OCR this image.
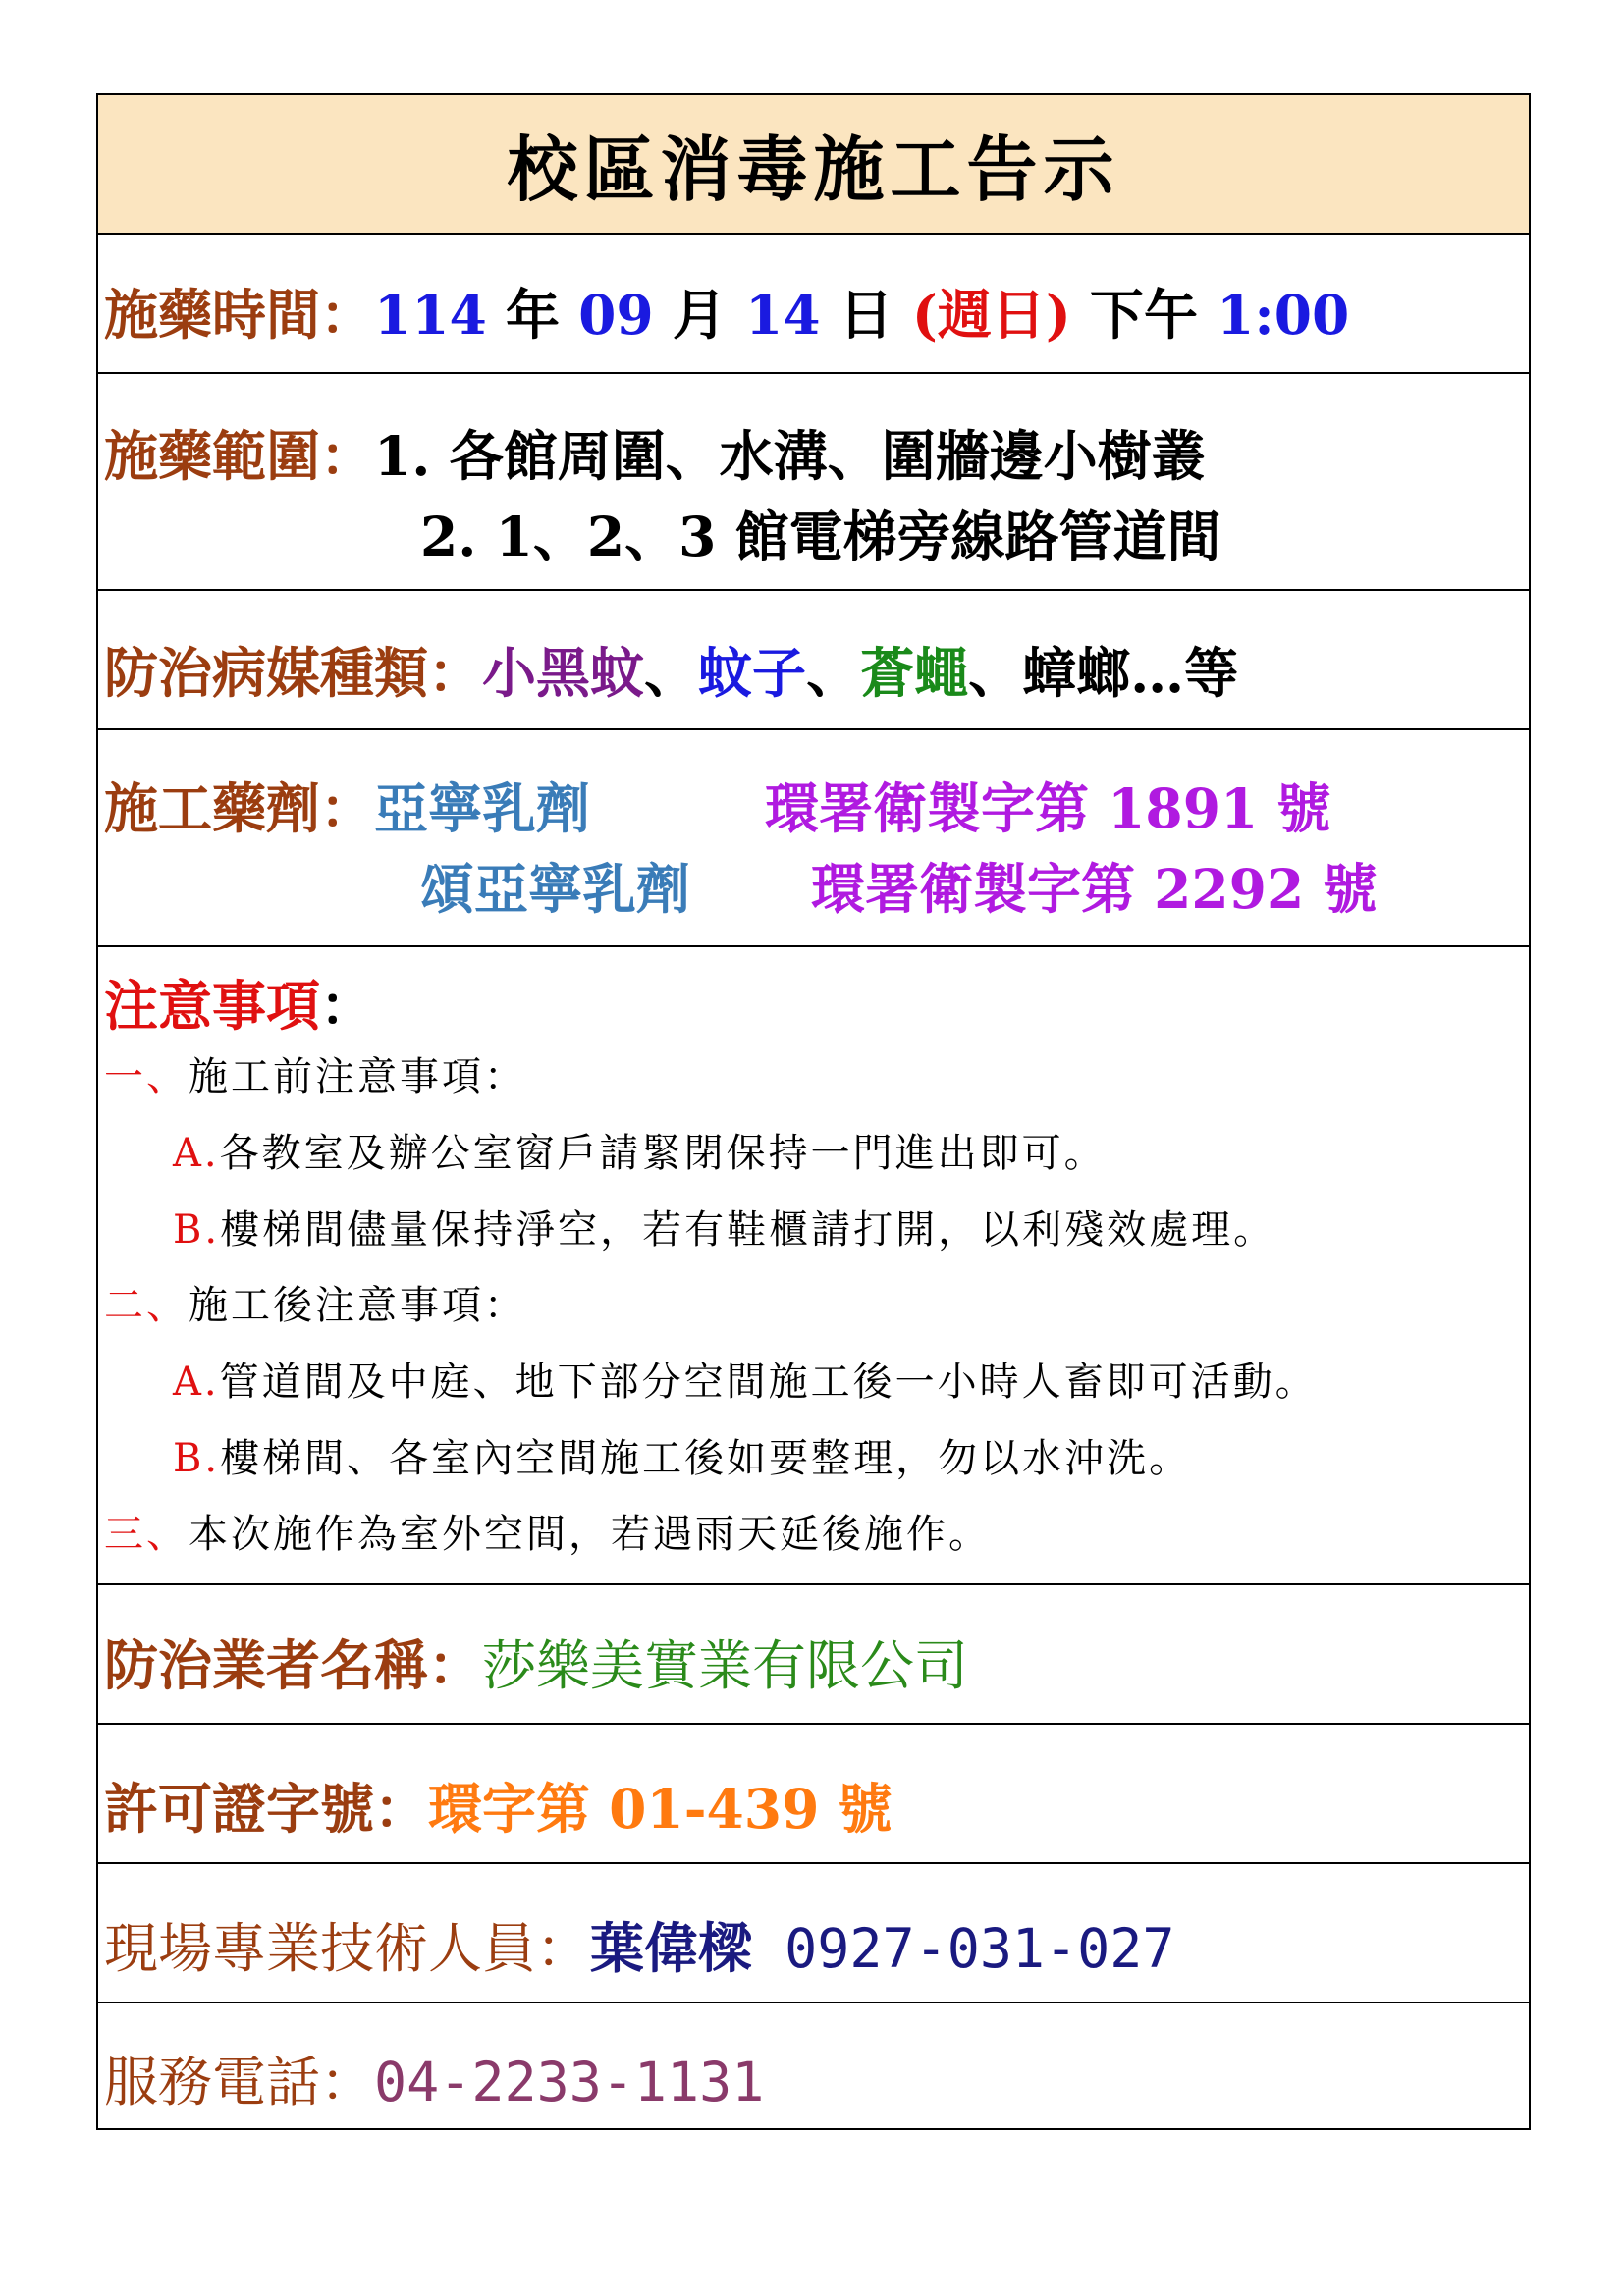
校區消毒施工告示
施藥時間：114 年 09 月 14 日 (週日) 下午 1:00
施藥範圍：1. 各館周圍、水溝、圍牆邊小樹叢
2. 1、2、3 館電梯旁線路管道間
防治病媒種類：小黑蚊、蚊子、蒼蠅、蟑螂…等
施工藥劑：亞寧乳劑	環署衛製字第 1891 號
頌亞寧乳劑 環署衛製字第 2292 號
注意事項：
一、施工前注意事項：
A.各教室及辦公室窗戶請緊閉保持一門進出即可。
B.樓梯間儘量保持淨空，若有鞋櫃請打開，以利殘效處理。
二、施工後注意事項：
A.管道間及中庭、地下部分空間施工後一小時人畜即可活動。
B.樓梯間、各室內空間施工後如要整理，勿以水沖洗。
三、本次施作為室外空間，若遇雨天延後施作。
防治業者名稱：莎樂美實業有限公司
許可證字號：環字第 01-439 號
現場專業技術人員：葉偉樑 0927-031-027
服務電話：04-2233-1131
